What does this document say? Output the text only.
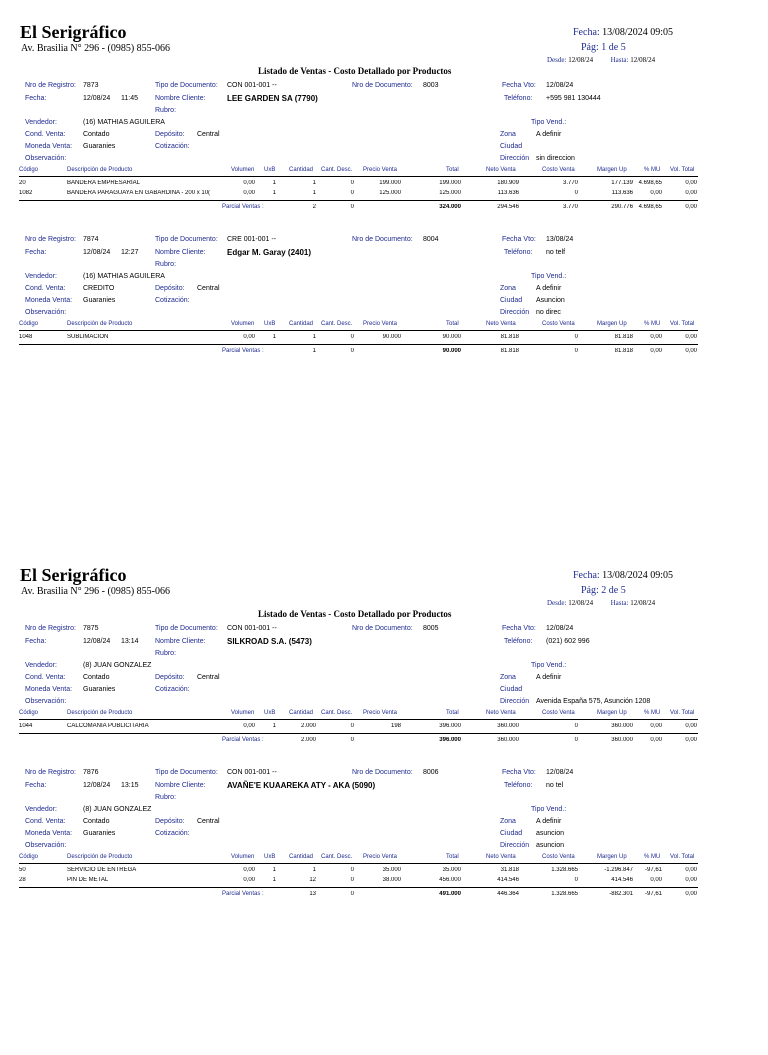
El Serigráfico
Av. Brasilia N° 296 - (0985) 855-066
Fecha: 13/08/2024 09:05
Pág: 1 de 5
Desde: 12/08/24	Hasta: 12/08/24
Listado de Ventas - Costo Detallado por Productos
Nro de Registro: 7873	Tipo de Documento: CON 001-001 --	Nro de Documento: 8003	Fecha Vto: 12/08/24
Fecha:	12/08/24 11:45 Nombre Cliente:	LEE GARDEN SA (7790)	Teléfono: +595 981 130444
Rubro:
Vendedor:	(16) MATHIAS AGUILERA	Tipo Vend.:
Cond. Venta:	Contado	Depósito: Central	Zona	A definir
Moneda Venta: Guaranies	Cotización:	Ciudad
Observación:	Dirección sin direccion
Código	Descripción de Producto	Volumen UxB Cantidad Cant. Desc. Precio Venta	Total	Neto Venta	Costo Venta	Margen Up	% MU Vol. Total
20	BANDERA EMPRESARIAL	0,00	1	1	0	199.000	199.000	180.909	3.770	177.139 4.698,65	0,00
1082	BANDERA PARAGUAYA EN GABARDINA - 200 x 10(	0,00	1	1	0	125.000	125.000	113.636	0	113.636	0,00	0,00
Parcial Ventas :	2	0	324.000	294.546	3.770	290.776 4.698,65	0,00
Nro de Registro: 7874	Tipo de Documento: CRE 001-001 --	Nro de Documento: 8004	Fecha Vto: 13/08/24
Fecha:	12/08/24 12:27 Nombre Cliente:	Edgar M. Garay (2401)	Teléfono: no telf
Rubro:
Vendedor:	(16) MATHIAS AGUILERA	Tipo Vend.:
Cond. Venta:	CREDITO	Depósito: Central	Zona	A definir
Moneda Venta: Guaranies	Cotización:	Ciudad Asuncion
Observación:	Dirección no direc
Código	Descripción de Producto	Volumen UxB Cantidad Cant. Desc. Precio Venta	Total	Neto Venta	Costo Venta	Margen Up	% MU Vol. Total
1048	SUBLIMACION	0,00	1	1	0	90.000	90.000	81.818	0	81.818	0,00	0,00
Parcial Ventas :	1	0	90.000	81.818	0	81.818	0,00	0,00
El Serigráfico
Av. Brasilia N° 296 - (0985) 855-066
Fecha: 13/08/2024 09:05
Pág: 2 de 5
Desde: 12/08/24	Hasta: 12/08/24
Listado de Ventas - Costo Detallado por Productos
Nro de Registro: 7875	Tipo de Documento: CON 001-001 --	Nro de Documento: 8005	Fecha Vto: 12/08/24
Fecha:	12/08/24 13:14 Nombre Cliente:	SILKROAD S.A. (5473)	Teléfono: (021) 602 996
Rubro:
Vendedor:	(8) JUAN GONZALEZ	Tipo Vend.:
Cond. Venta:	Contado	Depósito: Central	Zona	A definir
Moneda Venta: Guaranies	Cotización:	Ciudad
Observación:	Dirección Avenida España 575, Asunción 1208
Código	Descripción de Producto	Volumen UxB Cantidad Cant. Desc. Precio Venta	Total	Neto Venta	Costo Venta	Margen Up	% MU Vol. Total
1044	CALCOMANIA PUBLICITARIA	0,00	1	2.000	0	198	396.000	360.000	0	360.000	0,00	0,00
Parcial Ventas :	2.000	0	396.000	360.000	0	360.000	0,00	0,00
Nro de Registro: 7876	Tipo de Documento: CON 001-001 --	Nro de Documento: 8006	Fecha Vto: 12/08/24
Fecha:	12/08/24 13:15 Nombre Cliente:	AVAÑE'E KUAAREKA ATY - AKA (5090)	Teléfono: no tel
Rubro:
Vendedor:	(8) JUAN GONZALEZ	Tipo Vend.:
Cond. Venta:	Contado	Depósito: Central	Zona	A definir
Moneda Venta: Guaranies	Cotización:	Ciudad asuncion
Observación:	Dirección asuncion
Código	Descripción de Producto	Volumen UxB Cantidad Cant. Desc. Precio Venta	Total	Neto Venta	Costo Venta	Margen Up	% MU Vol. Total
50	SERVICIO DE ENTREGA	0,00	1	1	0	35.000	35.000	31.818	1.328.665	-1.296.847	-97,61	0,00
28	PIN DE METAL	0,00	1	12	0	38.000	456.000	414.546	0	414.546	0,00	0,00
Parcial Ventas :	13	0	491.000	446.364	1.328.665	-882.301	-97,61	0,00
